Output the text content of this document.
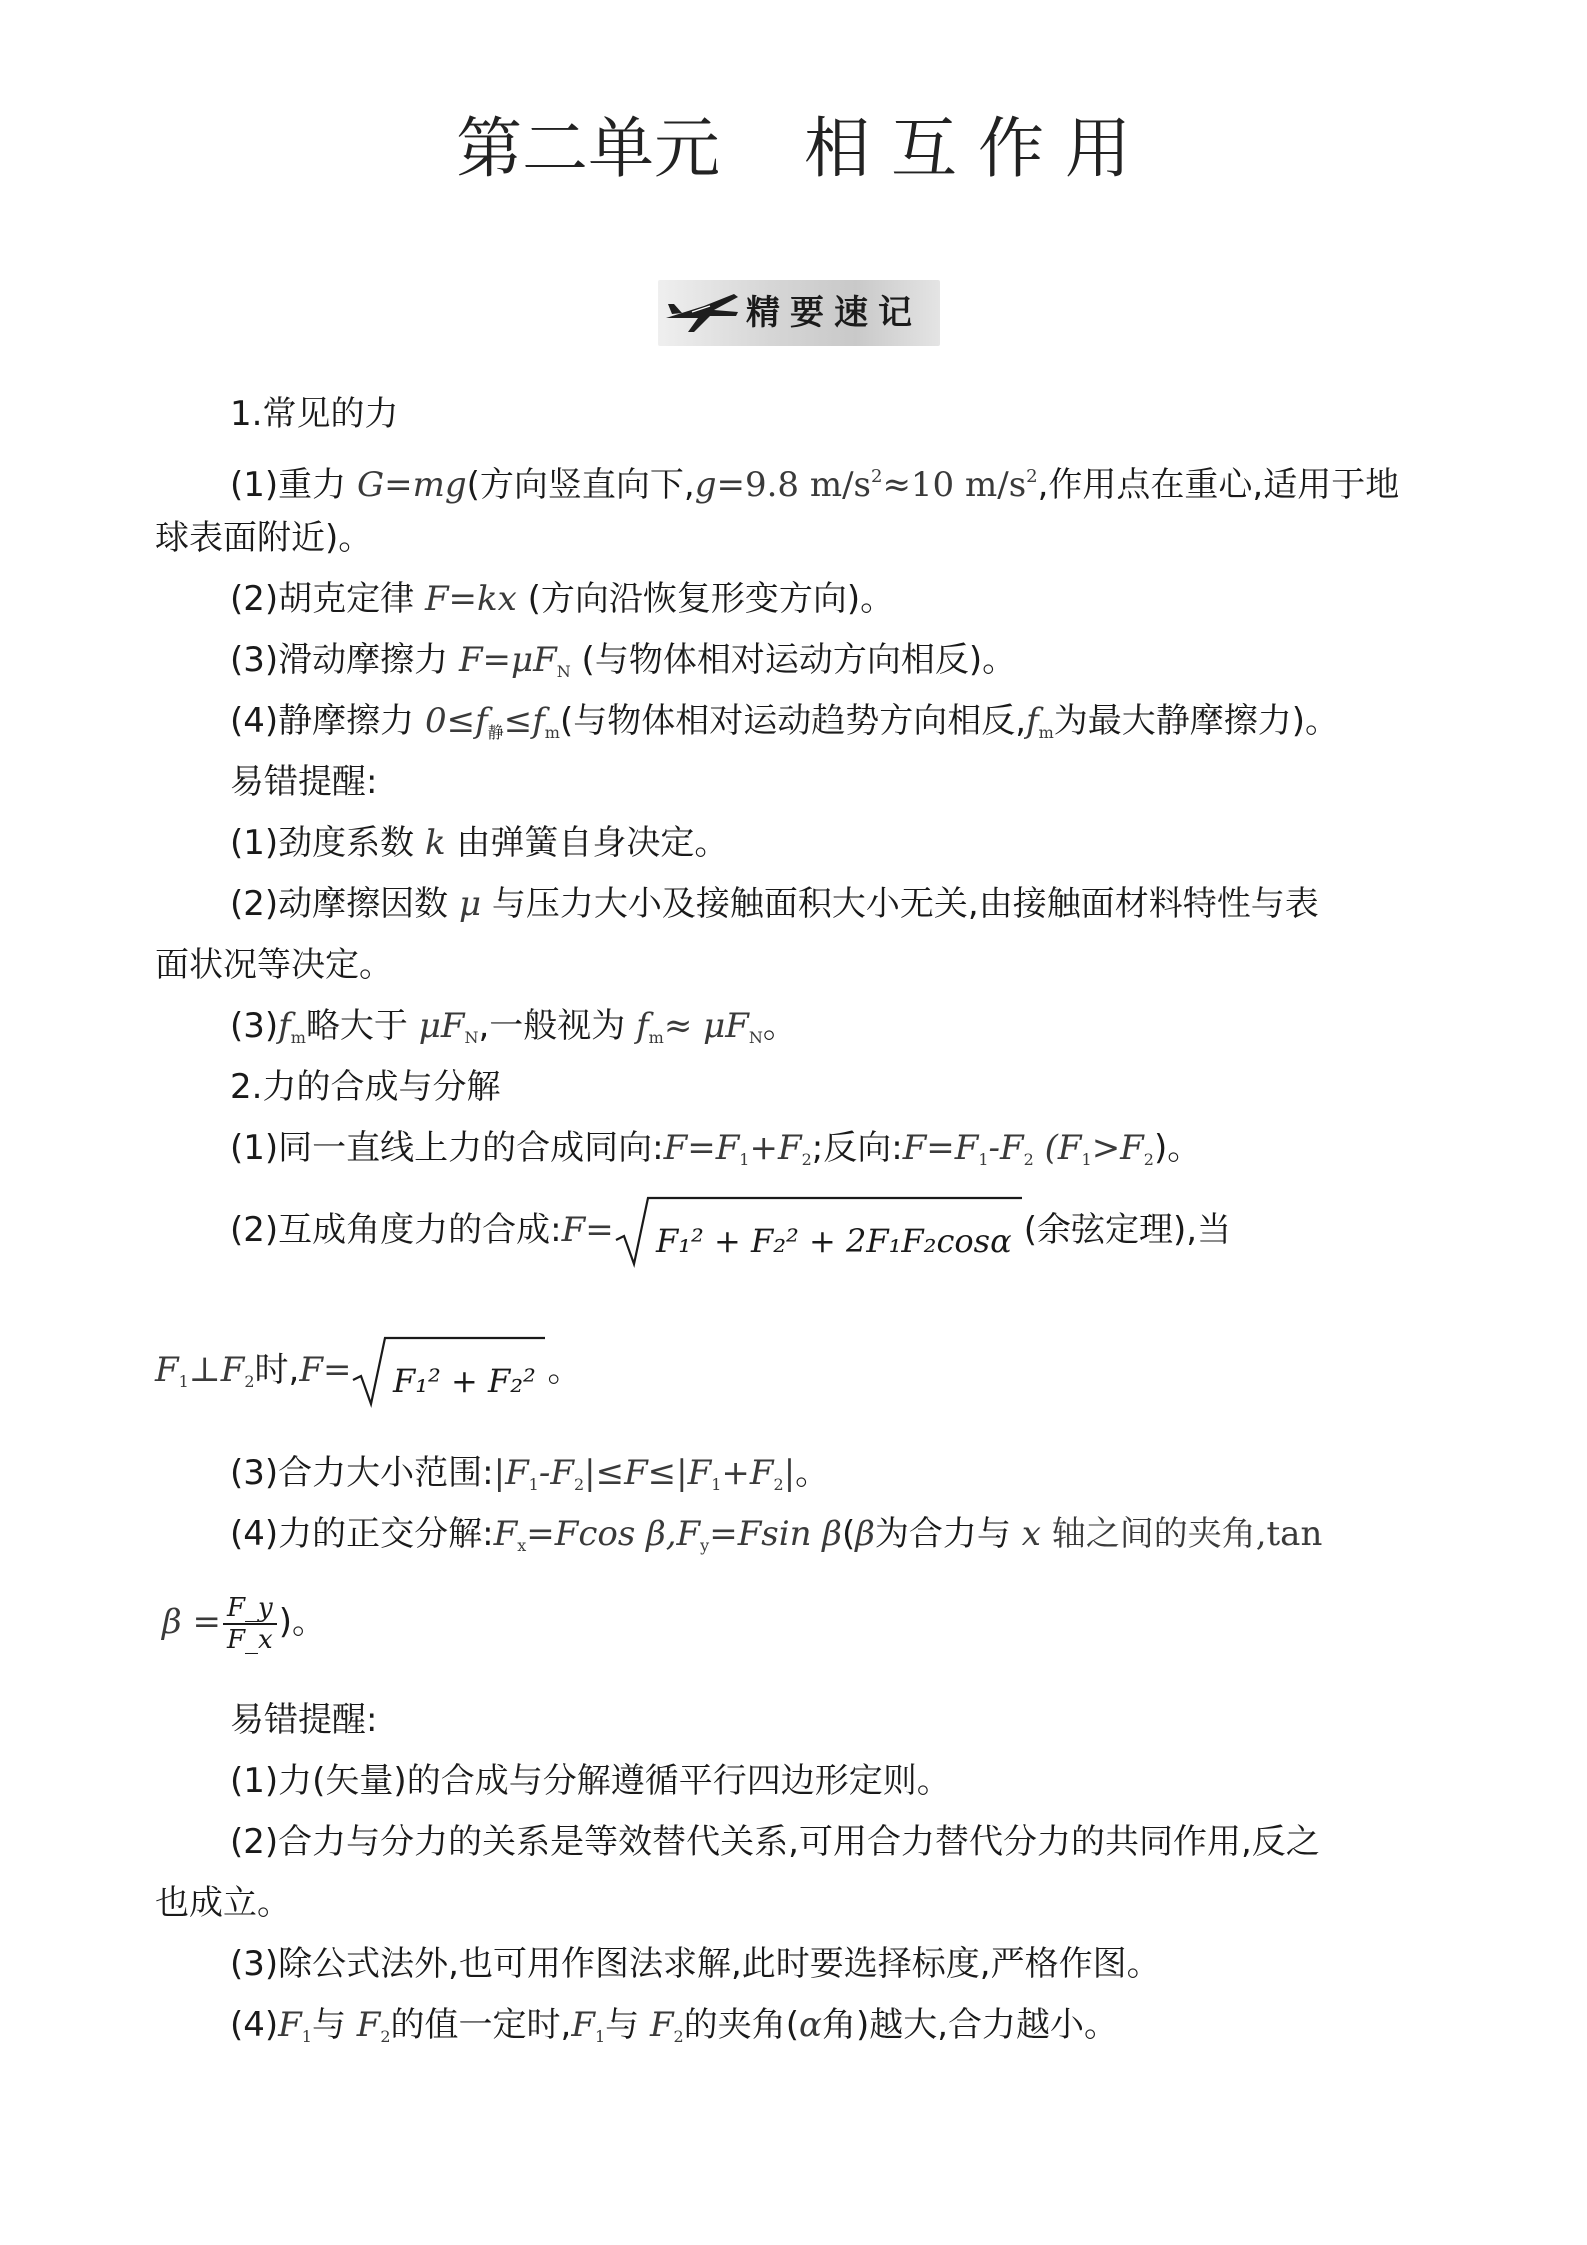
第二单元    相 互 作 用
精要速记
1.常见的力
(1)重力 G=mg(方向竖直向下,g=9.8 $m/s^2\approx 10$ $m/s^2$,作用点在重心,适用于地
球表面附近)。
(2)胡克定律 F=kx (方向沿恢复形变方向)。
(3)滑动摩擦力 $F=\mu F_N$ (与物体相对运动方向相反)。
(4)静摩擦力 $0\le f_静\le f_m$(与物体相对运动趋势方向相反$,f_m$为最大静摩擦力)。
易错提醒:
(1)劲度系数 k 由弹簧自身决定。
(2)动摩擦因数 μ 与压力大小及接触面积大小无关,由接触面材料特性与表
面状况等决定。
$(3)f_m$略大于 $\mu F_N$,一般视为 $f_m\approx \mu F_N$。
2.力的合成与分解
(1)同一直线上力的合成同向$:F=F_1+F_2$;反向$:F=F_1-F_2$ $(F_1>F_2)$。
(2)互成角度力的合成:F= F₁² + F₂² + 2F₁F₂cosα (余弦定理),当
$F_1\perp F_2$时,F= F₁² + F₂² 。
(3)合力大小范围$:|F_1-F_2|\le F\le|F_1+F_2|$。
(4)力的正交分解$:F_x=Fcos$ $\beta,F_y=Fsin$ β(β为合力与 x 轴之间的夹角,tan
$\beta = \frac{F\_y}{F\_x}$ )。
易错提醒:
(1)力(矢量)的合成与分解遵循平行四边形定则。
(2)合力与分力的关系是等效替代关系,可用合力替代分力的共同作用,反之
也成立。
(3)除公式法外,也可用作图法求解,此时要选择标度,严格作图。
$(4)F_1$与 $F_2$的值一定时$,F_1$与 $F_2$的夹角(α角)越大,合力越小。
